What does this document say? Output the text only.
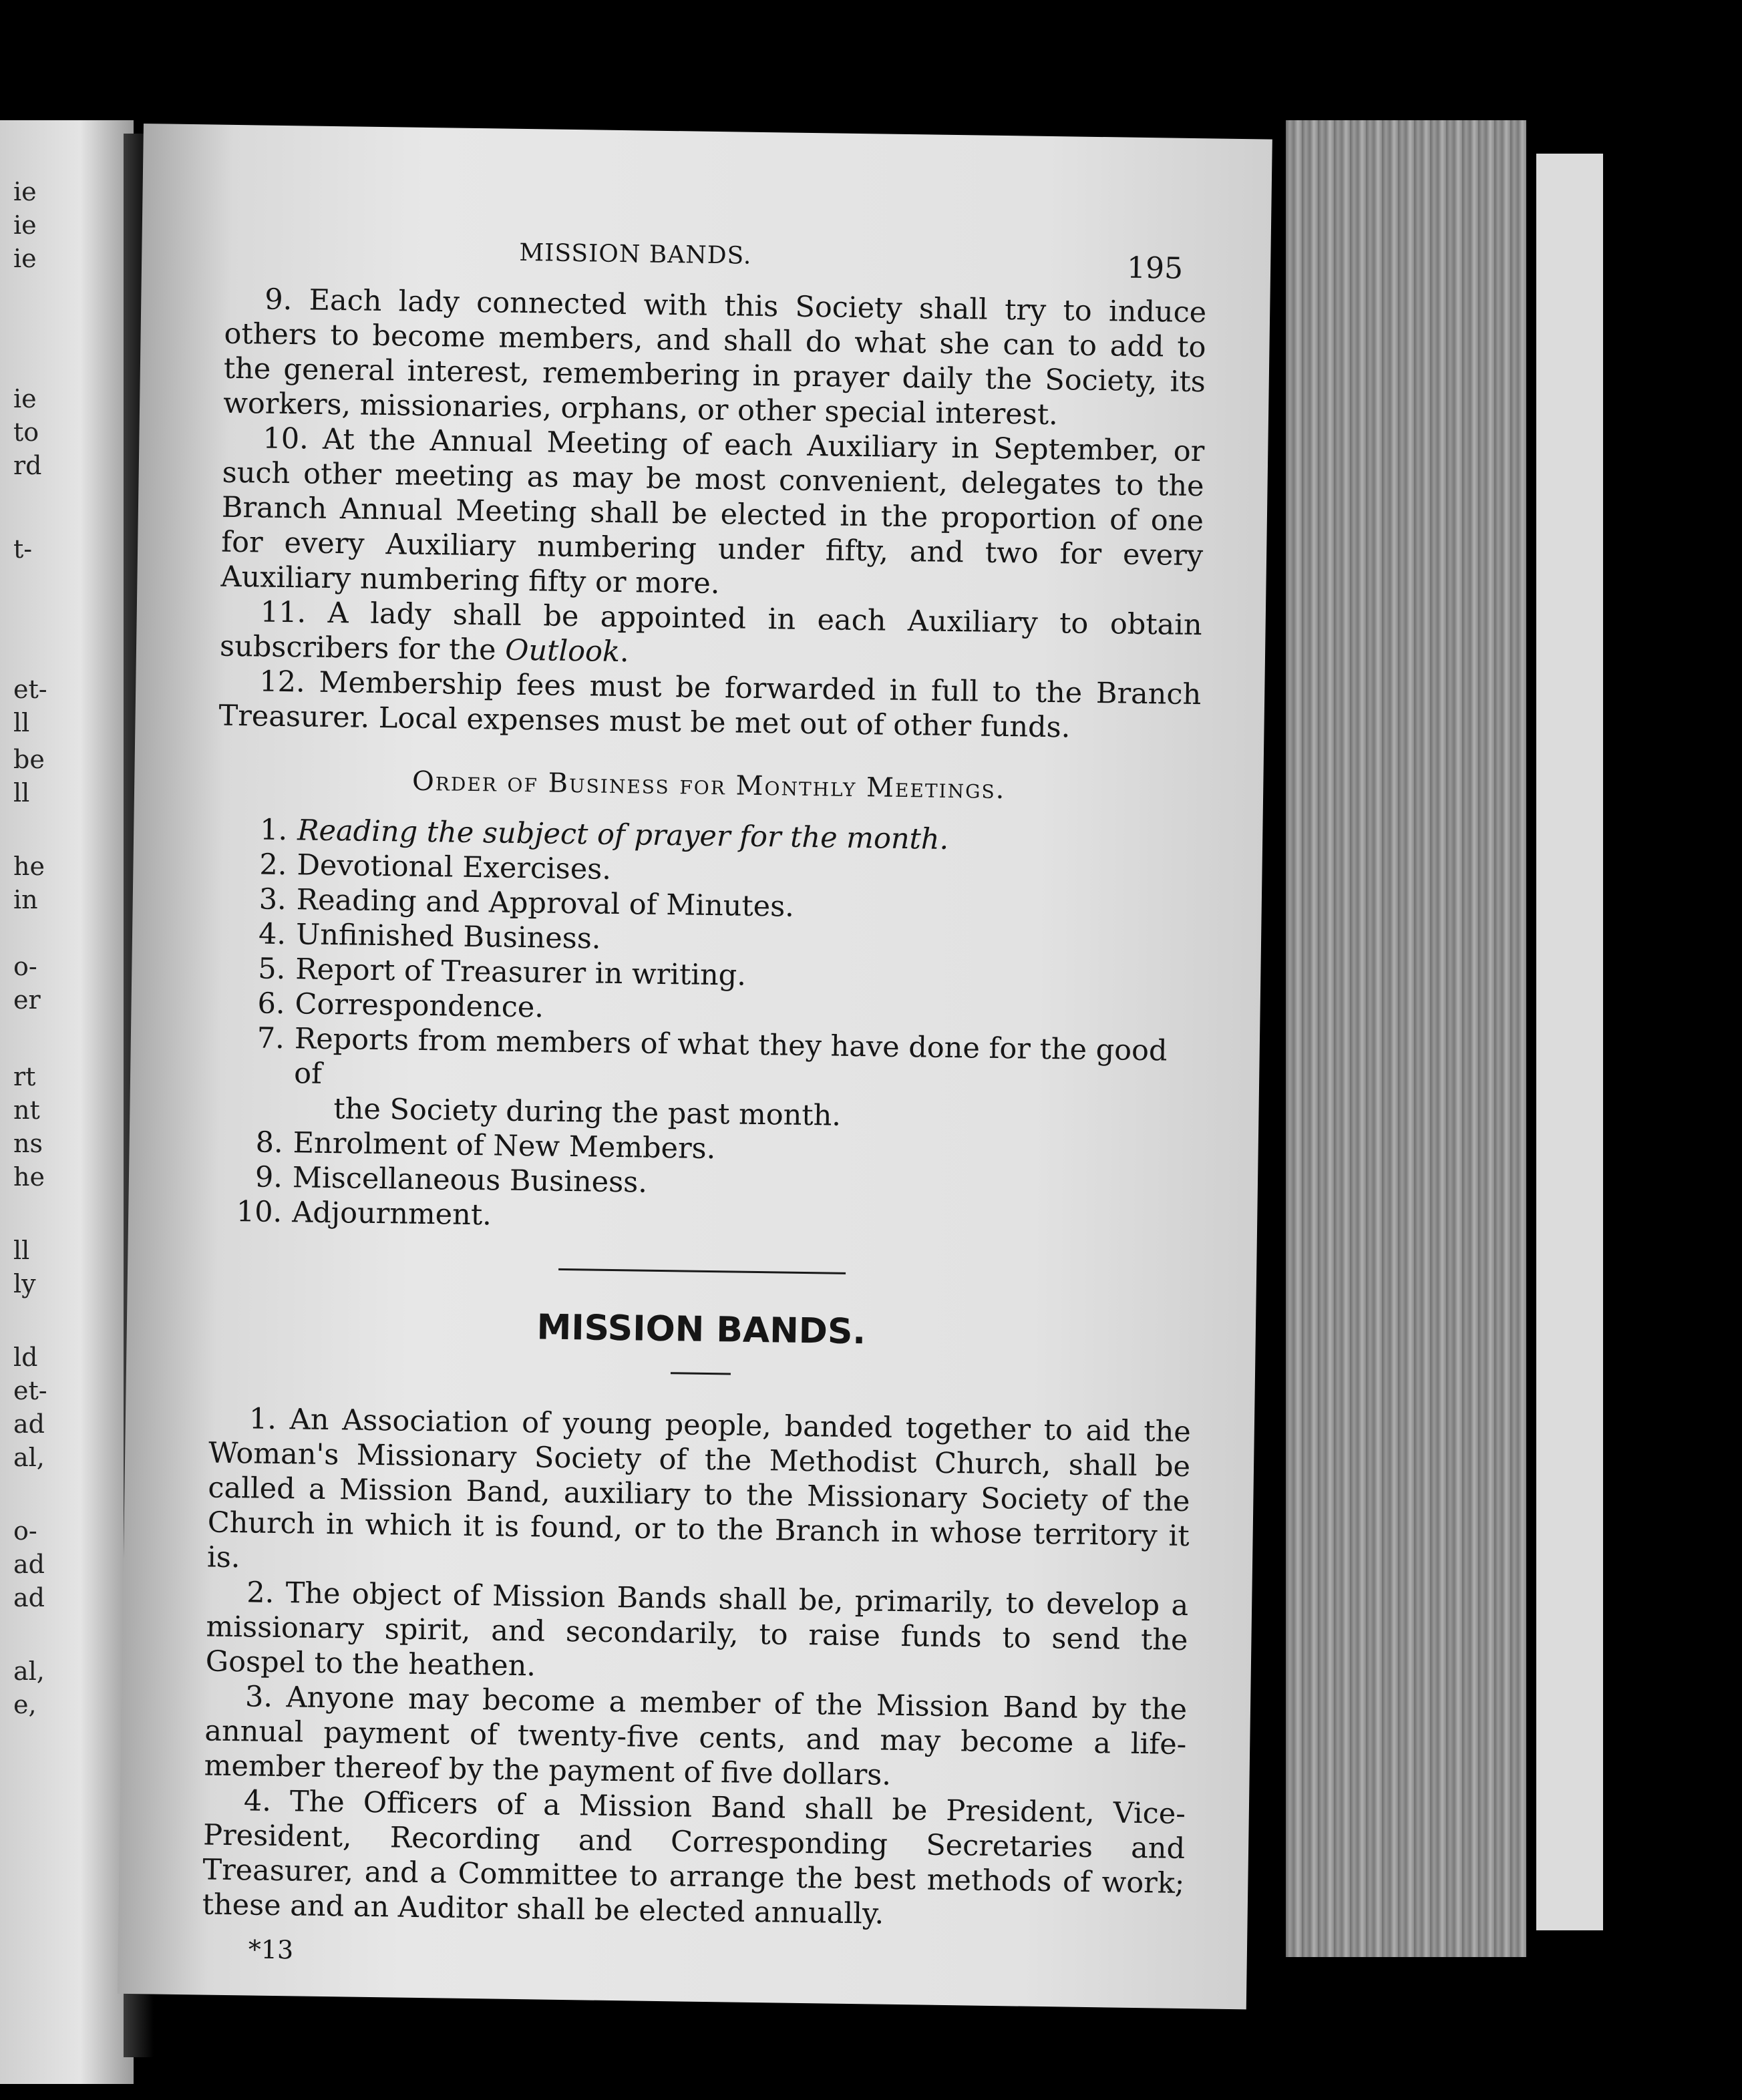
ie
ie
ie
ie
to
rd
t-
et-
ll
be
ll
he
in
o-
er
rt
nt
ns
he
ll
ly
ld
et-
ad
al,
o-
ad
ad
al,
e,
MISSION BANDS.	195

9. Each lady connected with this Society shall try to induce others to become members, and shall do what she can to add to the general interest, remembering in prayer daily the Society, its workers, missionaries, orphans, or other special interest.

10. At the Annual Meeting of each Auxiliary in September, or such other meeting as may be most convenient, delegates to the Branch Annual Meeting shall be elected in the proportion of one for every Auxiliary numbering under fifty, and two for every Auxiliary numbering fifty or more.

11. A lady shall be appointed in each Auxiliary to obtain subscribers for the Outlook.

12. Membership fees must be forwarded in full to the Branch Treasurer. Local expenses must be met out of other funds.

Order of Business for Monthly Meetings.
1. Reading the subject of prayer for the month.
2. Devotional Exercises.
3. Reading and Approval of Minutes.
4. Unfinished Business.
5. Report of Treasurer in writing.
6. Correspondence.
7. Reports from members of what they have done for the good of
the Society during the past month.
8. Enrolment of New Members.
9. Miscellaneous Business.
10. Adjournment.
MISSION BANDS.

1. An Association of young people, banded together to aid the Woman's Missionary Society of the Methodist Church, shall be called a Mission Band, auxiliary to the Missionary Society of the Church in which it is found, or to the Branch in whose territory it is.

2. The object of Mission Bands shall be, primarily, to develop a missionary spirit, and secondarily, to raise funds to send the Gospel to the heathen.

3. Anyone may become a member of the Mission Band by the annual payment of twenty-five cents, and may become a life-member thereof by the payment of five dollars.

4. The Officers of a Mission Band shall be President, Vice-President, Recording and Corresponding Secretaries and Treasurer, and a Committee to arrange the best methods of work; these and an Auditor shall be elected annually.

*13
